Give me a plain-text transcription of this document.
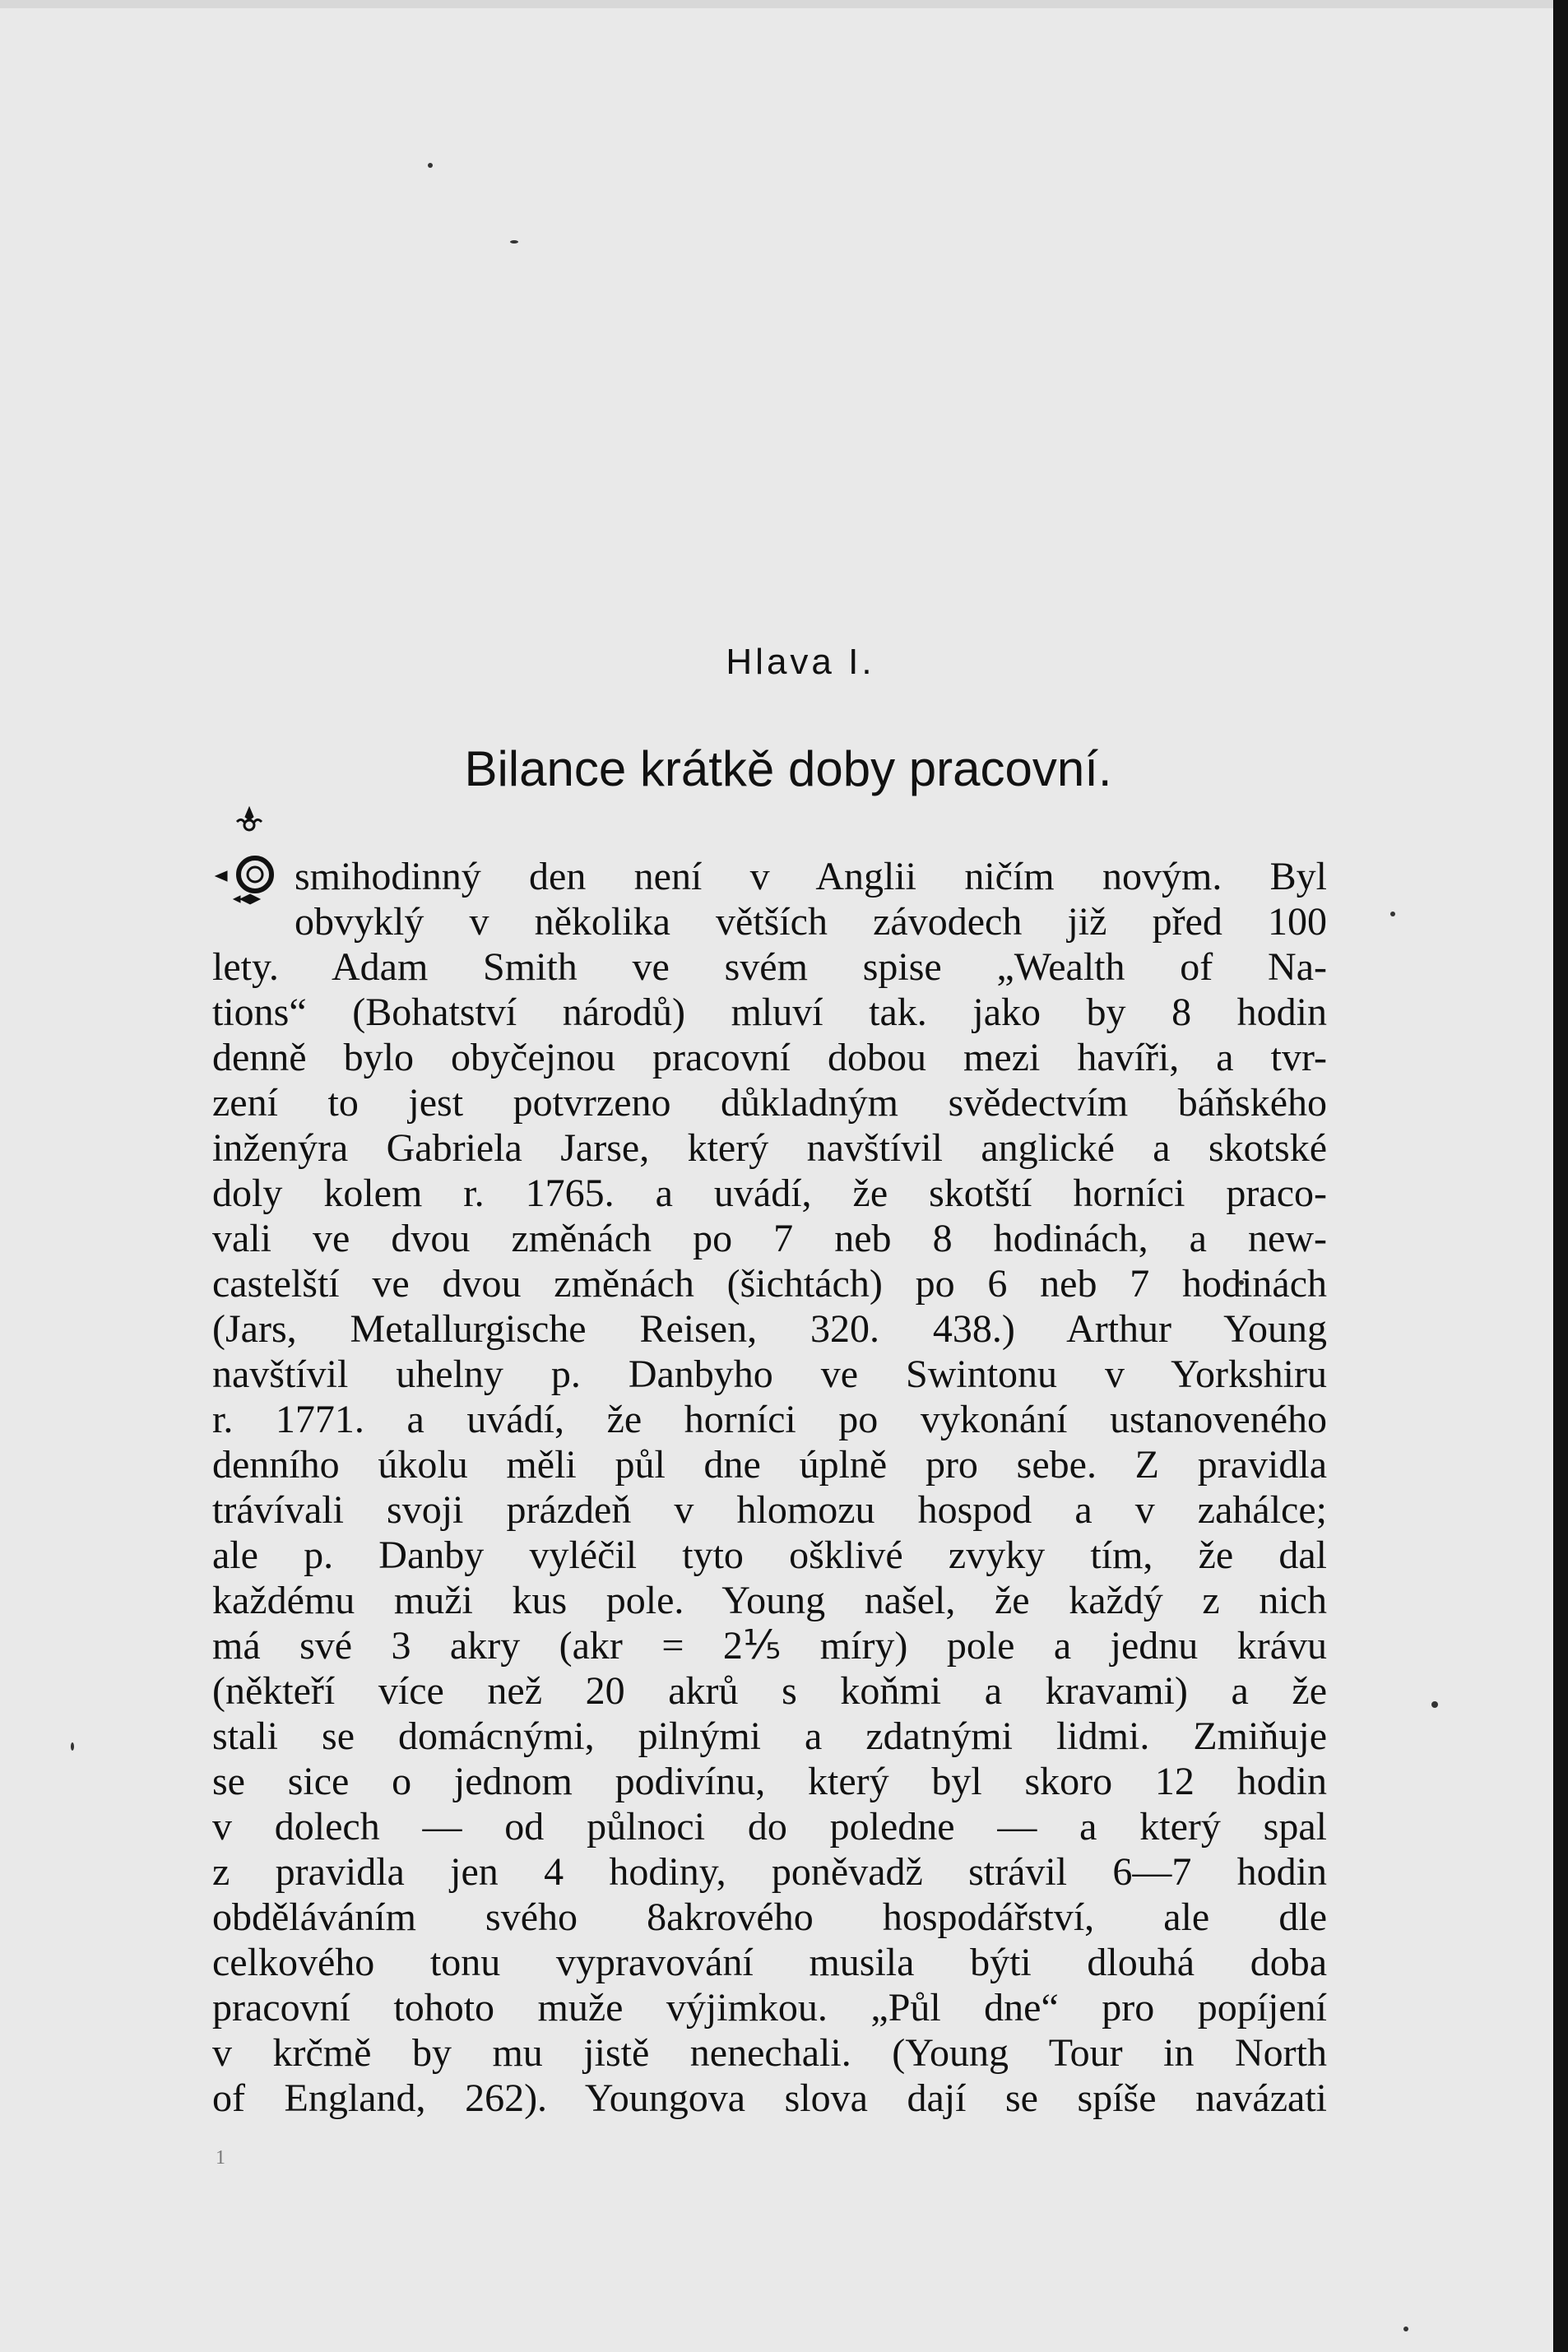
Hlava I.
Bilance krátkě doby pracovní.
smihodinný den není v Anglii ničím novým. Byl
obvyklý v několika větších závodech již před 100
lety. Adam Smith ve svém spise „Wealth of Na-
tions“ (Bohatství národů) mluví tak. jako by 8 hodin
denně bylo obyčejnou pracovní dobou mezi havíři, a tvr-
zení to jest potvrzeno důkladným svědectvím báňského
inženýra Gabriela Jarse, který navštívil anglické a skotské
doly kolem r. 1765. a uvádí, že skotští horníci praco-
vali ve dvou změnách po 7 neb 8 hodinách, a new-
castelští ve dvou změnách (šichtách) po 6 neb 7 hodinách
(Jars, Metallurgische Reisen, 320. 438.) Arthur Young
navštívil uhelny p. Danbyho ve Swintonu v Yorkshiru
r. 1771. a uvádí, že horníci po vykonání ustanoveného
denního úkolu měli půl dne úplně pro sebe. Z pravidla
trávívali svoji prázdeň v hlomozu hospod a v zahálce;
ale p. Danby vyléčil tyto ošklivé zvyky tím, že dal
každému muži kus pole. Young našel, že každý z nich
má své 3 akry (akr = 2⅕ míry) pole a jednu krávu
(někteří více než 20 akrů s koňmi a kravami) a že
stali se domácnými, pilnými a zdatnými lidmi. Zmiňuje
se sice o jednom podivínu, který byl skoro 12 hodin
v dolech — od půlnoci do poledne — a který spal
z pravidla jen 4 hodiny, poněvadž strávil 6—7 hodin
obděláváním svého 8akrového hospodářství, ale dle
celkového tonu vypravování musila býti dlouhá doba
pracovní tohoto muže výjimkou. „Půl dne“ pro popíjení
v krčmě by mu jistě nenechali. (Young Tour in North
of England, 262). Youngova slova dají se spíše navázati
1
